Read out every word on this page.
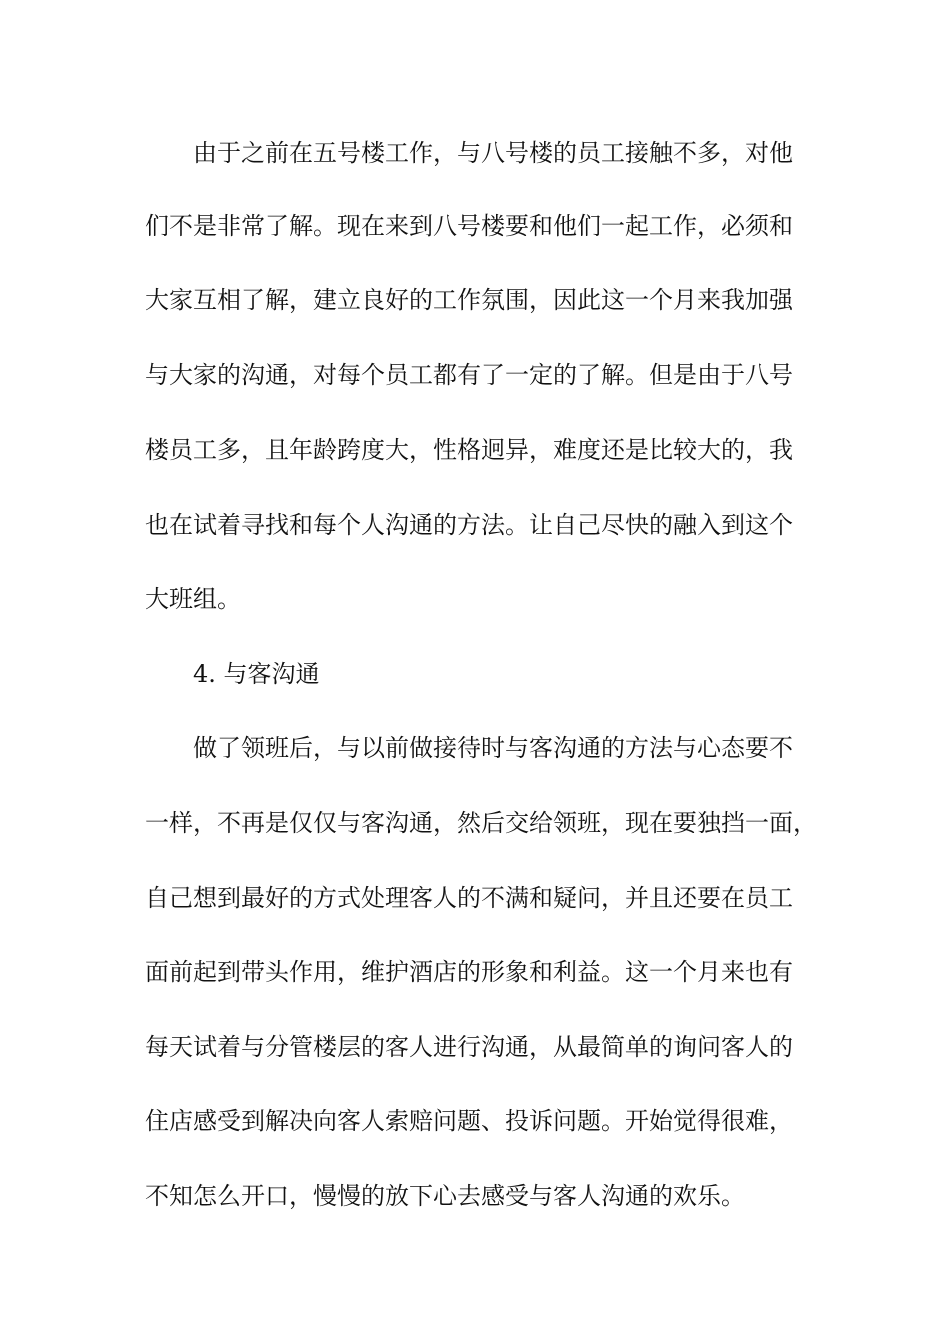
由于之前在五号楼工作，与八号楼的员工接触不多，对他
们不是非常了解。现在来到八号楼要和他们一起工作，必须和
大家互相了解，建立良好的工作氛围，因此这一个月来我加强
与大家的沟通，对每个员工都有了一定的了解。但是由于八号
楼员工多，且年龄跨度大，性格迥异，难度还是比较大的，我
也在试着寻找和每个人沟通的方法。让自己尽快的融入到这个
大班组。
4. 与客沟通
做了领班后，与以前做接待时与客沟通的方法与心态要不
一样，不再是仅仅与客沟通，然后交给领班，现在要独挡一面，
自己想到最好的方式处理客人的不满和疑问，并且还要在员工
面前起到带头作用，维护酒店的形象和利益。这一个月来也有
每天试着与分管楼层的客人进行沟通，从最简单的询问客人的
住店感受到解决向客人索赔问题、投诉问题。开始觉得很难，
不知怎么开口，慢慢的放下心去感受与客人沟通的欢乐。
